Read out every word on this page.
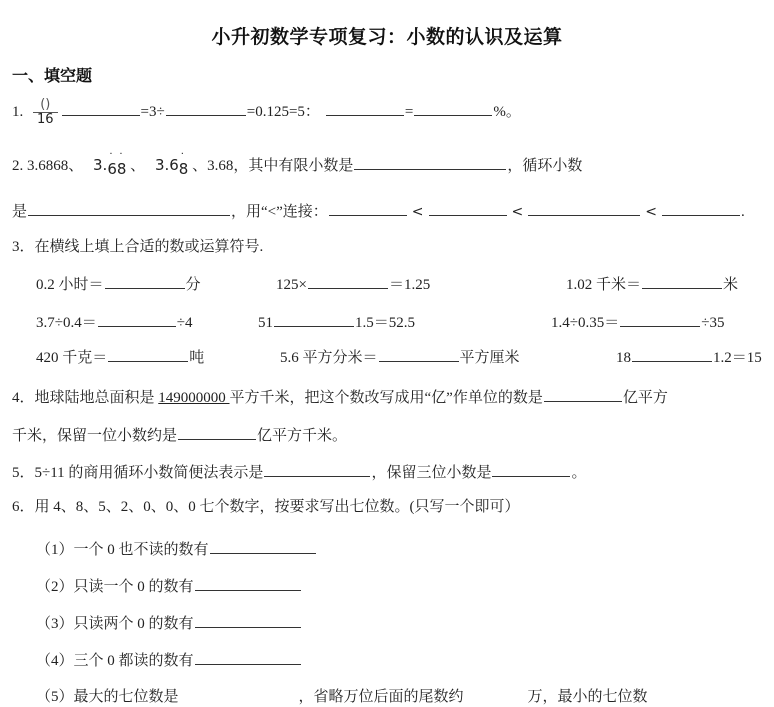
小升初数学专项复习：小数的认识及运算
一、填空题
1. $\frac{()}{16}$	=3÷	=0.125=5：	=	%。
2. 3.6868、 3.
· ·
68 、 3.6
·
8 、3.68，其中有限小数是	，循环小数
是	，用“<”连接：	<	<	<	.
3．在横线上填上合适的数或运算符号.
0.2 小时＝	分	125×	＝1.25	1.02 千米＝	米
3.7÷0.4＝	÷4	51	1.5＝52.5	1.4÷0.35＝	÷35
420 千克＝	吨	5.6 平方分米＝	平方厘米	18	1.2＝15
4．地球陆地总面积是 149000000 平方千米，把这个数改写成用“亿”作单位的数是	亿平方
千米，保留一位小数约是	亿平方千米。
5．5÷11 的商用循环小数简便法表示是	，保留三位小数是	。
6．用 4、8、5、2、0、0、0 七个数字，按要求写出七位数。(只写一个即可）
（1）一个 0 也不读的数有
（2）只读一个 0 的数有
（3）只读两个 0 的数有
（4）三个 0 都读的数有
（5）最大的七位数是	，省略万位后面的尾数约	万，最小的七位数
